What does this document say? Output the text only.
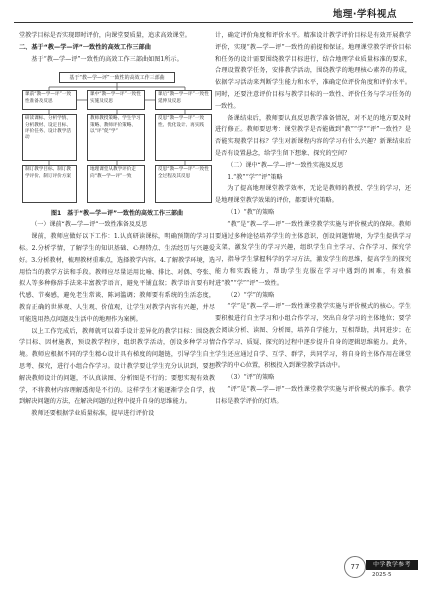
地理·学科视点

堂教学目标是否实现即时评价，向课堂要质量，追求高效课堂。

二、基于“教—学—评”一致性的高效工作三部曲

基于“教—学—评”一致性的高效工作三部曲如图1所示。

基于“教—学—评”一致性的高效工作三部曲
课前“教—学—评”一致性准备及反思
课中“教—学—评”一致性实施及反思
课后“教—学—评”一致性延伸及反思
研读课标、分析学情、分析教材、设定目标、评价任务、设计教学活动
教师教授策略、学生学习策略、教师评价策略、以“评”促“学”
反思“教—学—评”一致性、优化设计、再实践
制订教学目标、制订教学评价、制订评价方案
地理课堂从教学评价走向“教—学—评”一致
反思“教—学—评”一致性全过程及其反思

图1　基于“教—学—评”一致性的高效工作三部曲

（一）课前“教—学—评”一致性准备及反思

课前，教师应做好以下工作：1.认真研读课标，明确预期的学习目标。2.分析学情，了解学生的知识基础、心理特点、生活经历与兴趣爱好。3.分析教材，梳理教材重难点，选择教学内容。4.了解教学环境，选用恰当的教学方法和手段。教师应尽量运用比喻、排比、对偶、夸张、拟人等多种修辞手法来丰富教学语言，避免平铺直叙；教学语言要有时代感、节奏感，避免老生常谈、陈词滥调；教师要有系统的生活态度，教育正确的世界观、人生观、价值观，让学生对教学内容有兴趣，并尽可能选用热点问题及生活中的地理作为案例。

以上工作完成后，教师就可以着手设计差异化的教学目标：围绕教学目标、因材施教，预设教学程序，组织教学活动，创设多种学习情境。教师应根据不同的学生精心设计具有梯度的问题链，引导学生自主思考、探究，进行小组合作学习。设计教学要让学生充分认识到，要想解决教师设计的问题，不认真读图、分析图是不行的；要想实现有效教学，不将教材内容理解透彻是不行的。这样学生才能逐渐学会自学，找到解决问题的方法，在解决问题的过程中提升自身的思维能力。

教师还要根据学业质量标准，提早进行评价设

计，确定评价角度和评价水平。精准设计教学评价目标是有效开展教学评价，实现“教—学—评”一致性的前提和保证。地理课堂教学评价目标和任务的设计需要围绕教学目标进行，结合地理学业质量标准的要求，合理设置教学任务，安排教学活动，围绕教学的地理核心素养的养成，依据学习活动来判断学生能力和水平，准确定位评价角度和评价水平。同时，还要注意评价目标与教学目标的一致性、评价任务与学习任务的一致性。

备课结束后，教师要认真反思教学准备情况，对不足的地方要及时进行修正。教师要思考：课堂教学是否能做到“教”“学”“评”一致性？是否能实现教学目标？学生对新课程内容的学习有什么兴趣？新课结束后是否有设置悬念，给学生留下想象、探究的空间？

（二）课中“教—学—评”一致性实施及反思

1.“教”“学”“评”策略

为了提高地理课堂教学效率，无论是教师的教授、学生的学习，还是地理课堂教学效果的评价，都要讲究策略。

（1）“教”的策略

“教”是“教—学—评”一致性课堂教学实施与评价模式的保障。教师要通过多种途径培养学生的主体意识，创设问题情境，为学生提供学习支架，激发学生的学习兴趣，组织学生自主学习、合作学习、探究学习，指导学生掌握科学的学习方法，激发学生的思维，提高学生的探究能力和实践能力，帮助学生克服在学习中遇到的困难，有效推进“教”“学”“评”一致性。

（2）“学”的策略

“学”是“教—学—评”一致性课堂教学实施与评价模式的核心。学生要积极进行自主学习和小组合作学习，突出自身学习的主体地位；要学会阅读分析、读图、分析图，培养自学能力，互相帮助，共同进步；在合作学习、质疑、探究的过程中逐步提升自身的逻辑思维能力。此外，学生还应通过自学、互学、群学，共同学习，将自身的主体作用在课堂教学的中心位置，积极投入到课堂教学活动中。

（3）“评”的策略

“评”是“教—学—评”一致性课堂教学实施与评价模式的推手。教学目标是教学评价的灯塔。

77	中学教学参考
2025·5
